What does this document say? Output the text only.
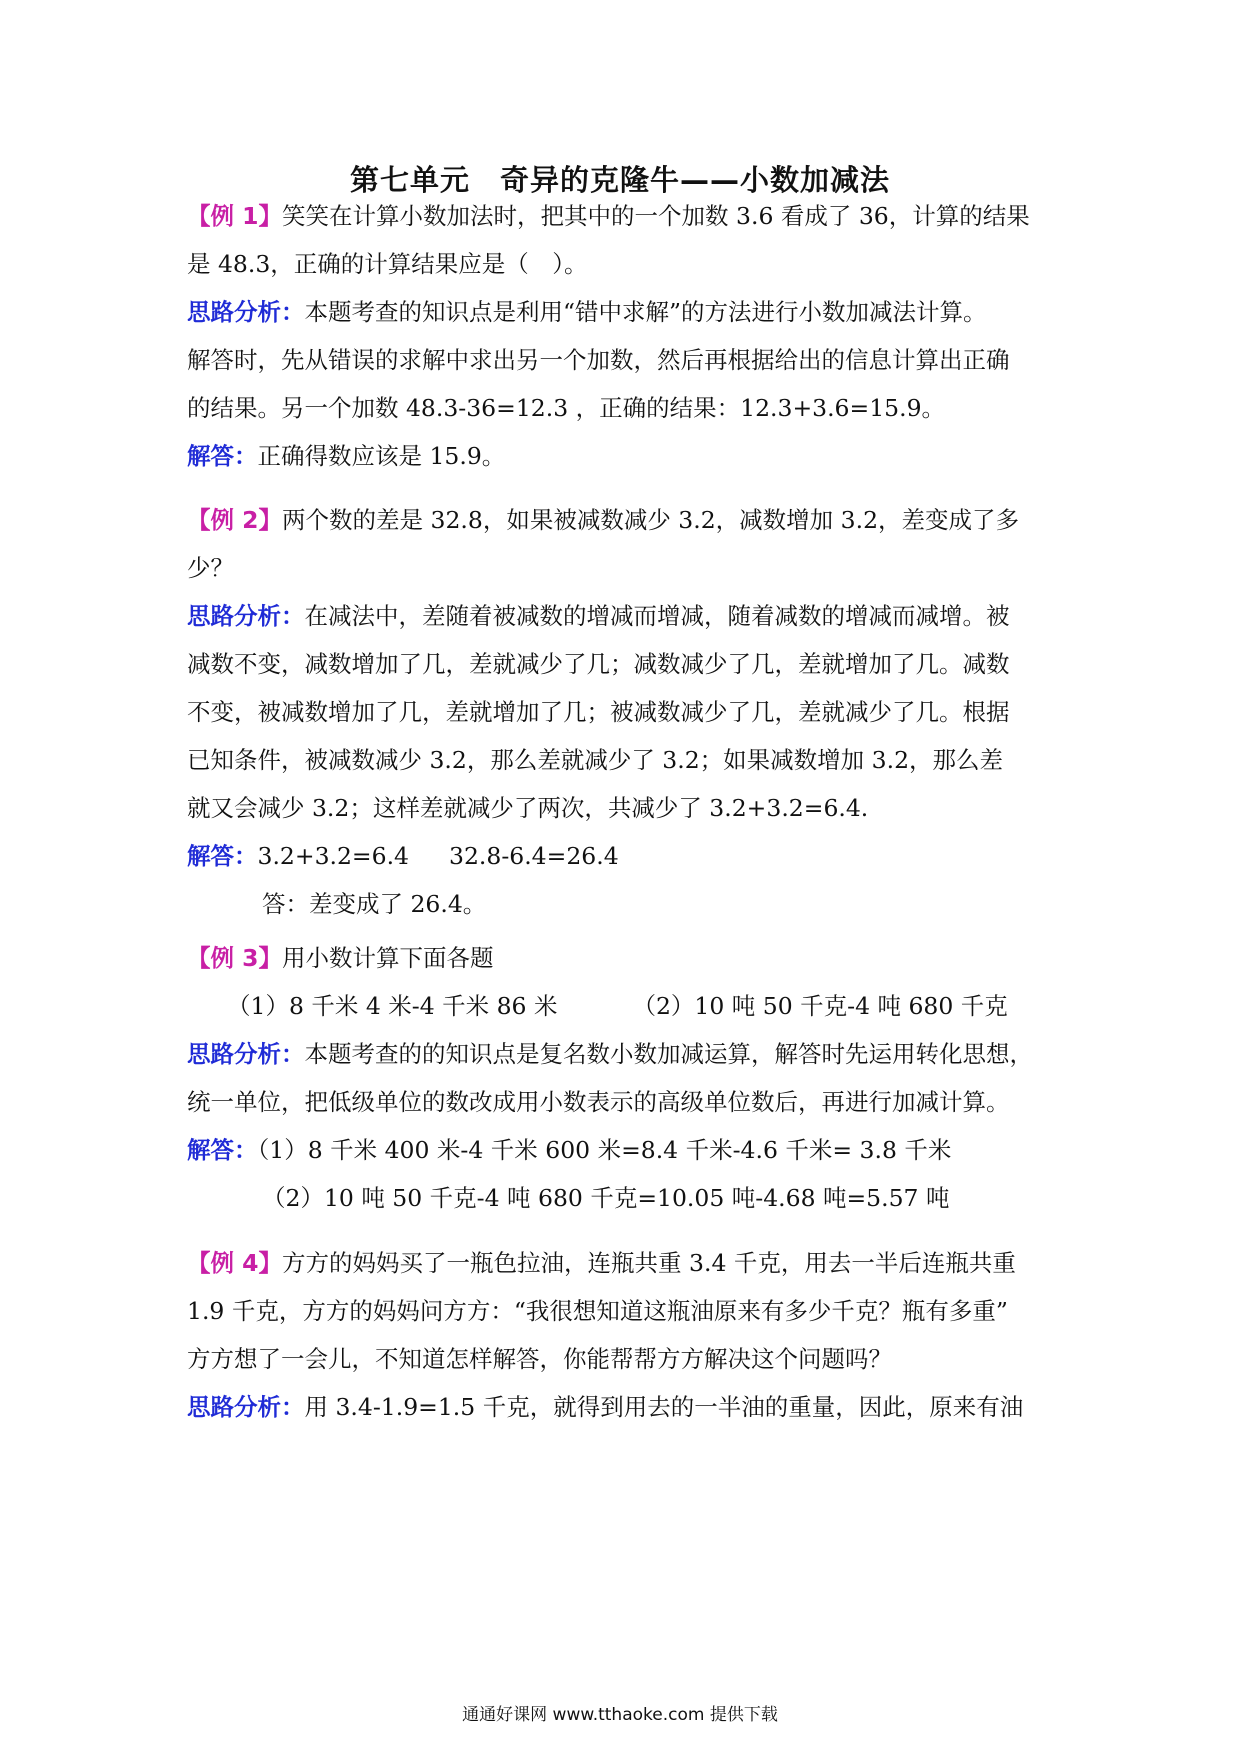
第七单元　奇异的克隆牛——小数加减法
【例 1】笑笑在计算小数加法时，把其中的一个加数 3.6 看成了 36，计算的结果
是 48.3，正确的计算结果应是（　）。
思路分析：本题考查的知识点是利用“错中求解”的方法进行小数加减法计算。
解答时，先从错误的求解中求出另一个加数，然后再根据给出的信息计算出正确
的结果。另一个加数 48.3-36=12.3 ，正确的结果：12.3+3.6=15.9。
解答：正确得数应该是 15.9。
【例 2】两个数的差是 32.8，如果被减数减少 3.2，减数增加 3.2，差变成了多
少？
思路分析：在减法中，差随着被减数的增减而增减，随着减数的增减而减增。被
减数不变，减数增加了几，差就减少了几；减数减少了几，差就增加了几。减数
不变，被减数增加了几，差就增加了几；被减数减少了几，差就减少了几。根据
已知条件，被减数减少 3.2，那么差就减少了 3.2；如果减数增加 3.2，那么差
就又会减少 3.2；这样差就减少了两次，共减少了 3.2+3.2=6.4.
解答：3.2+3.2=6.4 32.8-6.4=26.4
答：差变成了 26.4。
【例 3】用小数计算下面各题
（1）8 千米 4 米-4 千米 86 米	（2）10 吨 50 千克-4 吨 680 千克
思路分析：本题考查的的知识点是复名数小数加减运算，解答时先运用转化思想，
统一单位，把低级单位的数改成用小数表示的高级单位数后，再进行加减计算。
解答：（1）8 千米 400 米-4 千米 600 米=8.4 千米-4.6 千米= 3.8 千米
（2）10 吨 50 千克-4 吨 680 千克=10.05 吨-4.68 吨=5.57 吨
【例 4】方方的妈妈买了一瓶色拉油，连瓶共重 3.4 千克，用去一半后连瓶共重
1.9 千克，方方的妈妈问方方：“我很想知道这瓶油原来有多少千克？瓶有多重”
方方想了一会儿，不知道怎样解答，你能帮帮方方解决这个问题吗？
思路分析：用 3.4-1.9=1.5 千克，就得到用去的一半油的重量，因此，原来有油
通通好课网 www.tthaoke.com 提供下载
